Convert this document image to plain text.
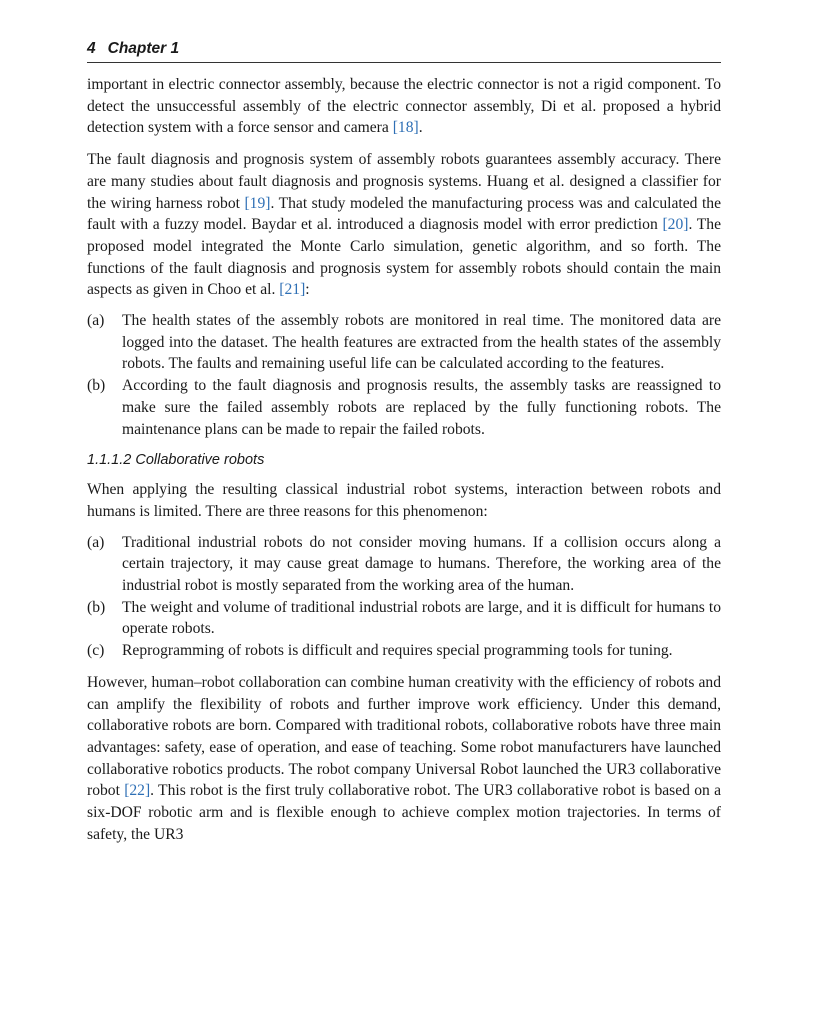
4 Chapter 1

important in electric connector assembly, because the electric connector is not a rigid component. To detect the unsuccessful assembly of the electric connector assembly, Di et al. proposed a hybrid detection system with a force sensor and camera [18].

The fault diagnosis and prognosis system of assembly robots guarantees assembly accuracy. There are many studies about fault diagnosis and prognosis systems. Huang et al. designed a classifier for the wiring harness robot [19]. That study modeled the manufacturing process was and calculated the fault with a fuzzy model. Baydar et al. introduced a diagnosis model with error prediction [20]. The proposed model integrated the Monte Carlo simulation, genetic algorithm, and so forth. The functions of the fault diagnosis and prognosis system for assembly robots should contain the main aspects as given in Choo et al. [21]:

(a) The health states of the assembly robots are monitored in real time. The monitored data are logged into the dataset. The health features are extracted from the health states of the assembly robots. The faults and remaining useful life can be calculated according to the features.
(b) According to the fault diagnosis and prognosis results, the assembly tasks are reassigned to make sure the failed assembly robots are replaced by the fully functioning robots. The maintenance plans can be made to repair the failed robots.
1.1.1.2 Collaborative robots

When applying the resulting classical industrial robot systems, interaction between robots and humans is limited. There are three reasons for this phenomenon:

(a) Traditional industrial robots do not consider moving humans. If a collision occurs along a certain trajectory, it may cause great damage to humans. Therefore, the working area of the industrial robot is mostly separated from the working area of the human.
(b) The weight and volume of traditional industrial robots are large, and it is difficult for humans to operate robots.
(c) Reprogramming of robots is difficult and requires special programming tools for tuning.

However, human–robot collaboration can combine human creativity with the efficiency of robots and can amplify the flexibility of robots and further improve work efficiency. Under this demand, collaborative robots are born. Compared with traditional robots, collaborative robots have three main advantages: safety, ease of operation, and ease of teaching. Some robot manufacturers have launched collaborative robotics products. The robot company Universal Robot launched the UR3 collaborative robot [22]. This robot is the first truly collaborative robot. The UR3 collaborative robot is based on a six-DOF robotic arm and is flexible enough to achieve complex motion trajectories. In terms of safety, the UR3
